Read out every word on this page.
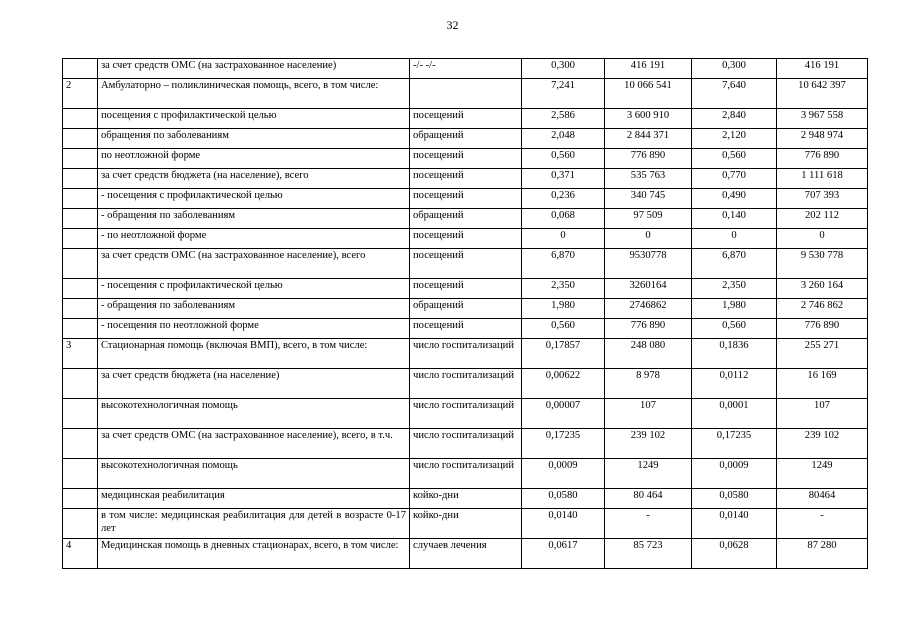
32
	за счет средств ОМС (на застрахованное население)	-/- -/-	0,300	416 191	0,300	416 191
2	Амбулаторно – поликлиническая помощь, всего, в том числе:		7,241	10 066 541	7,640	10 642 397
	посещения с профилактической целью	посещений	2,586	3 600 910	2,840	3 967 558
	обращения по заболеваниям	обращений	2,048	2 844 371	2,120	2 948 974
	по неотложной форме	посещений	0,560	776 890	0,560	776 890
	за счет средств бюджета (на население), всего	посещений	0,371	535 763	0,770	1 111 618
	- посещения с профилактической целью	посещений	0,236	340 745	0,490	707 393
	- обращения по заболеваниям	обращений	0,068	97 509	0,140	202 112
	- по неотложной форме	посещений	0	0	0	0
	за счет средств ОМС (на застрахованное население), всего	посещений	6,870	9530778	6,870	9 530 778
	- посещения с профилактической целью	посещений	2,350	3260164	2,350	3 260 164
	- обращения по заболеваниям	обращений	1,980	2746862	1,980	2 746 862
	- посещения по неотложной форме	посещений	0,560	776 890	0,560	776 890
3	Стационарная помощь (включая ВМП), всего, в том числе:	число госпитализаций	0,17857	248 080	0,1836	255 271
	за счет средств бюджета (на население)	число госпитализаций	0,00622	8 978	0,0112	16 169
	высокотехнологичная помощь	число госпитализаций	0,00007	107	0,0001	107
	за счет средств ОМС (на застрахованное население), всего, в т.ч.	число госпитализаций	0,17235	239 102	0,17235	239 102
	высокотехнологичная помощь	число госпитализаций	0,0009	1249	0,0009	1249
	медицинская реабилитация	койко-дни	0,0580	80 464	0,0580	80464
	в том числе: медицинская реабилитация для детей в возрасте 0-17 лет	койко-дни	0,0140	-	0,0140	-
4	Медицинская помощь в дневных стационарах, всего, в том числе:	случаев лечения	0,0617	85 723	0,0628	87 280
